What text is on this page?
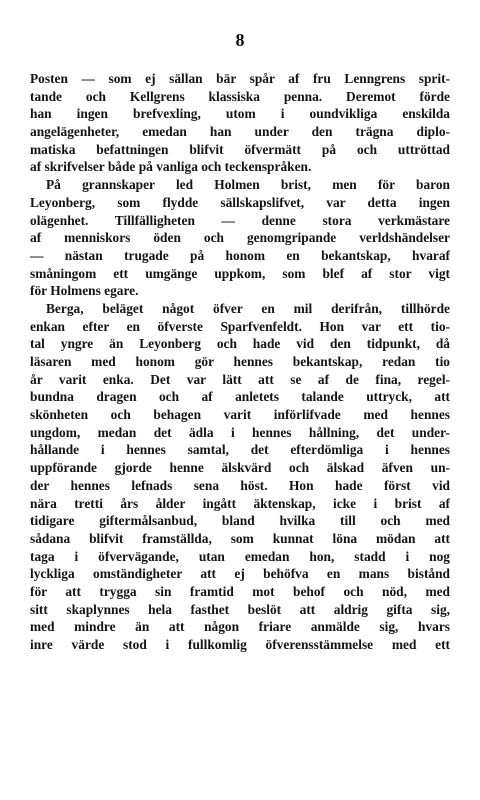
8
Posten — som ej sällan bär spår af fru Lenngrens sprit-
tande och Kellgrens klassiska penna. Deremot förde
han ingen brefvexling, utom i oundvikliga enskilda
angelägenheter, emedan han under den trägna diplo-
matiska befattningen blifvit öfvermätt på och uttröttad
af skrifvelser både på vanliga och teckenspråken.
På grannskaper led Holmen brist, men för baron
Leyonberg, som flydde sällskapslifvet, var detta ingen
olägenhet. Tillfälligheten — denne stora verkmästare
af menniskors öden och genomgripande verldshändelser
— nästan trugade på honom en bekantskap, hvaraf
småningom ett umgänge uppkom, som blef af stor vigt
för Holmens egare.
Berga, beläget något öfver en mil derifrån, tillhörde
enkan efter en öfverste Sparfvenfeldt. Hon var ett tio-
tal yngre än Leyonberg och hade vid den tidpunkt, då
läsaren med honom gör hennes bekantskap, redan tio
år varit enka. Det var lätt att se af de fina, regel-
bundna dragen och af anletets talande uttryck, att
skönheten och behagen varit införlifvade med hennes
ungdom, medan det ädla i hennes hållning, det under-
hållande i hennes samtal, det efterdömliga i hennes
uppförande gjorde henne älskvärd och älskad äfven un-
der hennes lefnads sena höst. Hon hade först vid
nära tretti års ålder ingått äktenskap, icke i brist af
tidigare giftermålsanbud, bland hvilka till och med
sådana blifvit framställda, som kunnat löna mödan att
taga i öfvervägande, utan emedan hon, stadd i nog
lyckliga omständigheter att ej behöfva en mans bistånd
för att trygga sin framtid mot behof och nöd, med
sitt skaplynnes hela fasthet beslöt att aldrig gifta sig,
med mindre än att någon friare anmälde sig, hvars
inre värde stod i fullkomlig öfverensstämmelse med ett
